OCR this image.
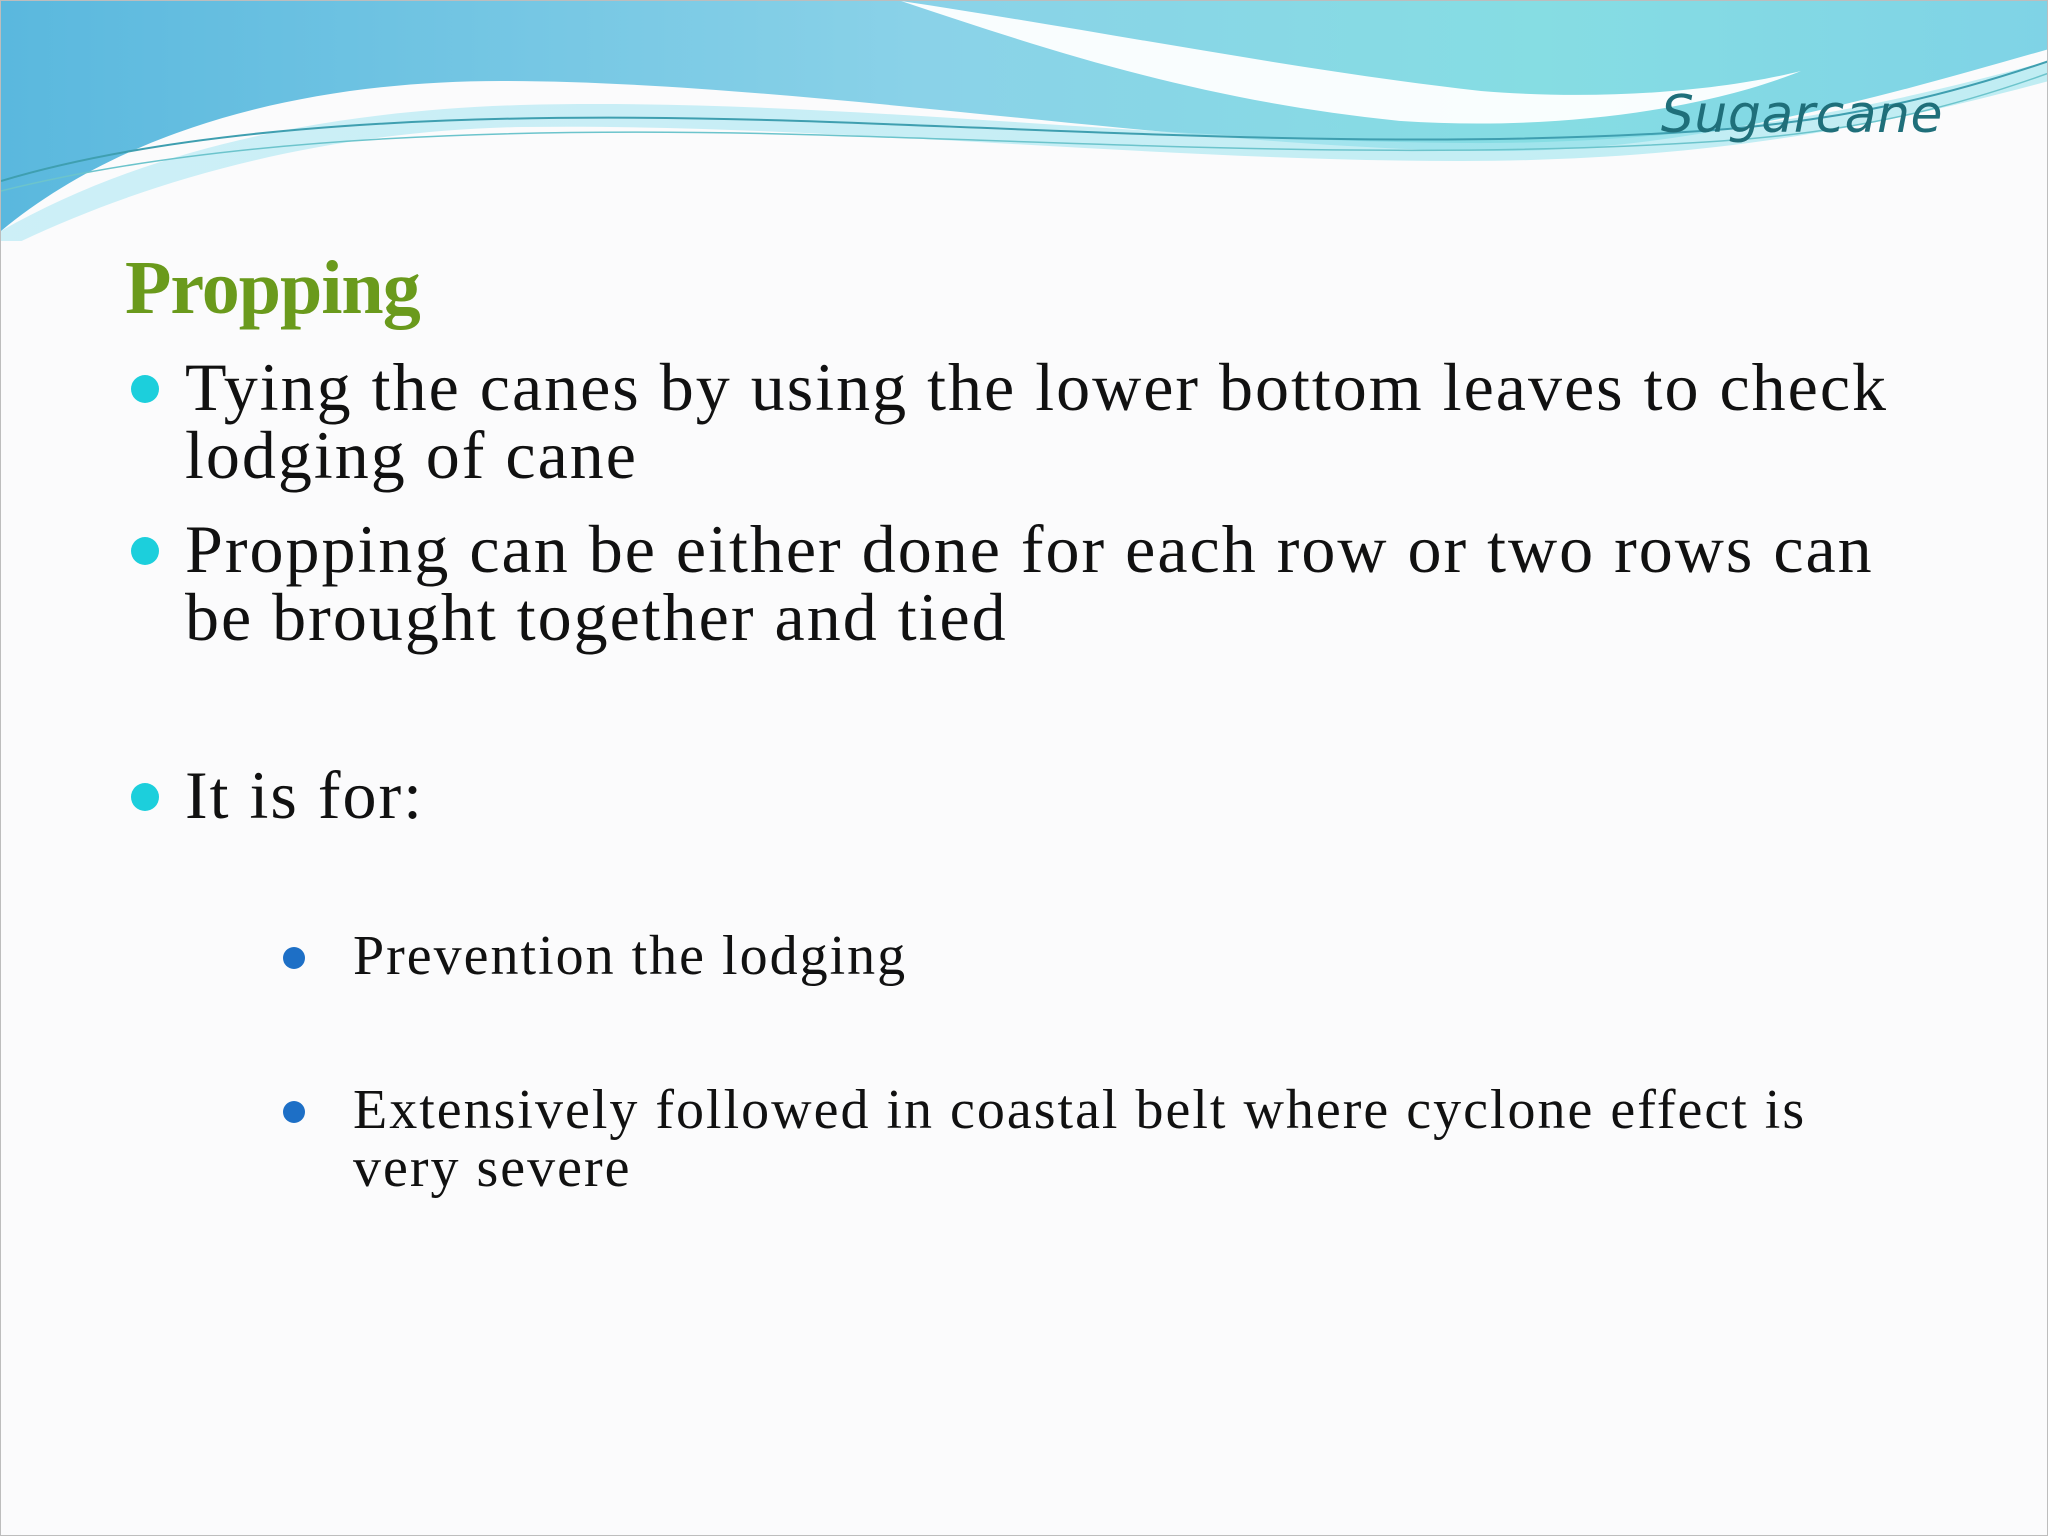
Sugarcane
Propping
Tying the canes by using the lower bottom leaves to check lodging of cane
Propping can be either done for each row or two rows can be brought together and tied
It is for:
Prevention the lodging
Extensively followed in coastal belt where cyclone effect is very severe
